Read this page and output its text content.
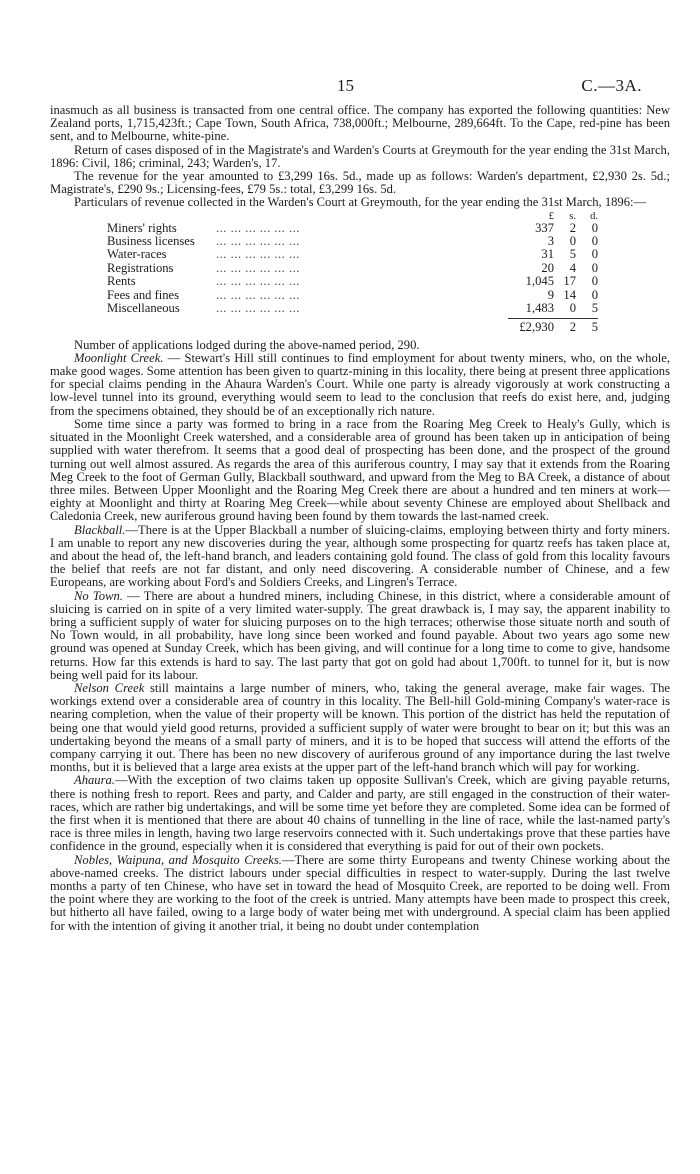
15	C.—3A.

inasmuch as all business is transacted from one central office. The company has exported the following quantities: New Zealand ports, 1,715,423ft.; Cape Town, South Africa, 738,000ft.; Melbourne, 289,664ft. To the Cape, red-pine has been sent, and to Melbourne, white-pine.

Return of cases disposed of in the Magistrate's and Warden's Courts at Greymouth for the year ending the 31st March, 1896: Civil, 186; criminal, 243; Warden's, 17.

The revenue for the year amounted to £3,299 16s. 5d., made up as follows: Warden's department, £2,930 2s. 5d.; Magistrate's, £290 9s.; Licensing-fees, £79 5s.: total, £3,299 16s. 5d.

Particulars of revenue collected in the Warden's Court at Greymouth, for the year ending the 31st March, 1896:—

£	s.	d.
Miners' rights	... ... ... ... ... ...	337	2	0
Business licenses	... ... ... ... ... ...	3	0	0
Water-races	... ... ... ... ... ...	31	5	0
Registrations	... ... ... ... ... ...	20	4	0
Rents	... ... ... ... ... ...	1,045	17	0
Fees and fines	... ... ... ... ... ...	9	14	0
Miscellaneous	... ... ... ... ... ...	1,483	0	5
£2,930	2	5

Number of applications lodged during the above-named period, 290.

Moonlight Creek. — Stewart's Hill still continues to find employment for about twenty miners, who, on the whole, make good wages. Some attention has been given to quartz-mining in this locality, there being at present three applications for special claims pending in the Ahaura Warden's Court. While one party is already vigorously at work constructing a low-level tunnel into its ground, everything would seem to lead to the conclusion that reefs do exist here, and, judging from the specimens obtained, they should be of an exceptionally rich nature.

Some time since a party was formed to bring in a race from the Roaring Meg Creek to Healy's Gully, which is situated in the Moonlight Creek watershed, and a considerable area of ground has been taken up in anticipation of being supplied with water therefrom. It seems that a good deal of prospecting has been done, and the prospect of the ground turning out well almost assured. As regards the area of this auriferous country, I may say that it extends from the Roaring Meg Creek to the foot of German Gully, Blackball southward, and upward from the Meg to BA Creek, a distance of about three miles. Between Upper Moonlight and the Roaring Meg Creek there are about a hundred and ten miners at work—eighty at Moonlight and thirty at Roaring Meg Creek—while about seventy Chinese are employed about Shellback and Caledonia Creek, new auriferous ground having been found by them towards the last-named creek.

Blackball.—There is at the Upper Blackball a number of sluicing-claims, employing between thirty and forty miners. I am unable to report any new discoveries during the year, although some prospecting for quartz reefs has taken place at, and about the head of, the left-hand branch, and leaders containing gold found. The class of gold from this locality favours the belief that reefs are not far distant, and only need discovering. A considerable number of Chinese, and a few Europeans, are working about Ford's and Soldiers Creeks, and Lingren's Terrace.

No Town. — There are about a hundred miners, including Chinese, in this district, where a considerable amount of sluicing is carried on in spite of a very limited water-supply. The great drawback is, I may say, the apparent inability to bring a sufficient supply of water for sluicing purposes on to the high terraces; otherwise those situate north and south of No Town would, in all probability, have long since been worked and found payable. About two years ago some new ground was opened at Sunday Creek, which has been giving, and will continue for a long time to come to give, handsome returns. How far this extends is hard to say. The last party that got on gold had about 1,700ft. to tunnel for it, but is now being well paid for its labour.

Nelson Creek still maintains a large number of miners, who, taking the general average, make fair wages. The workings extend over a considerable area of country in this locality. The Bell-hill Gold-mining Company's water-race is nearing completion, when the value of their property will be known. This portion of the district has held the reputation of being one that would yield good returns, provided a sufficient supply of water were brought to bear on it; but this was an undertaking beyond the means of a small party of miners, and it is to be hoped that success will attend the efforts of the company carrying it out. There has been no new discovery of auriferous ground of any importance during the last twelve months, but it is believed that a large area exists at the upper part of the left-hand branch which will pay for working.

Ahaura.—With the exception of two claims taken up opposite Sullivan's Creek, which are giving payable returns, there is nothing fresh to report. Rees and party, and Calder and party, are still engaged in the construction of their water-races, which are rather big undertakings, and will be some time yet before they are completed. Some idea can be formed of the first when it is mentioned that there are about 40 chains of tunnelling in the line of race, while the last-named party's race is three miles in length, having two large reservoirs connected with it. Such undertakings prove that these parties have confidence in the ground, especially when it is considered that everything is paid for out of their own pockets.

Nobles, Waipuna, and Mosquito Creeks.—There are some thirty Europeans and twenty Chinese working about the above-named creeks. The district labours under special difficulties in respect to water-supply. During the last twelve months a party of ten Chinese, who have set in toward the head of Mosquito Creek, are reported to be doing well. From the point where they are working to the foot of the creek is untried. Many attempts have been made to prospect this creek, but hitherto all have failed, owing to a large body of water being met with underground. A special claim has been applied for with the intention of giving it another trial, it being no doubt under contemplation
